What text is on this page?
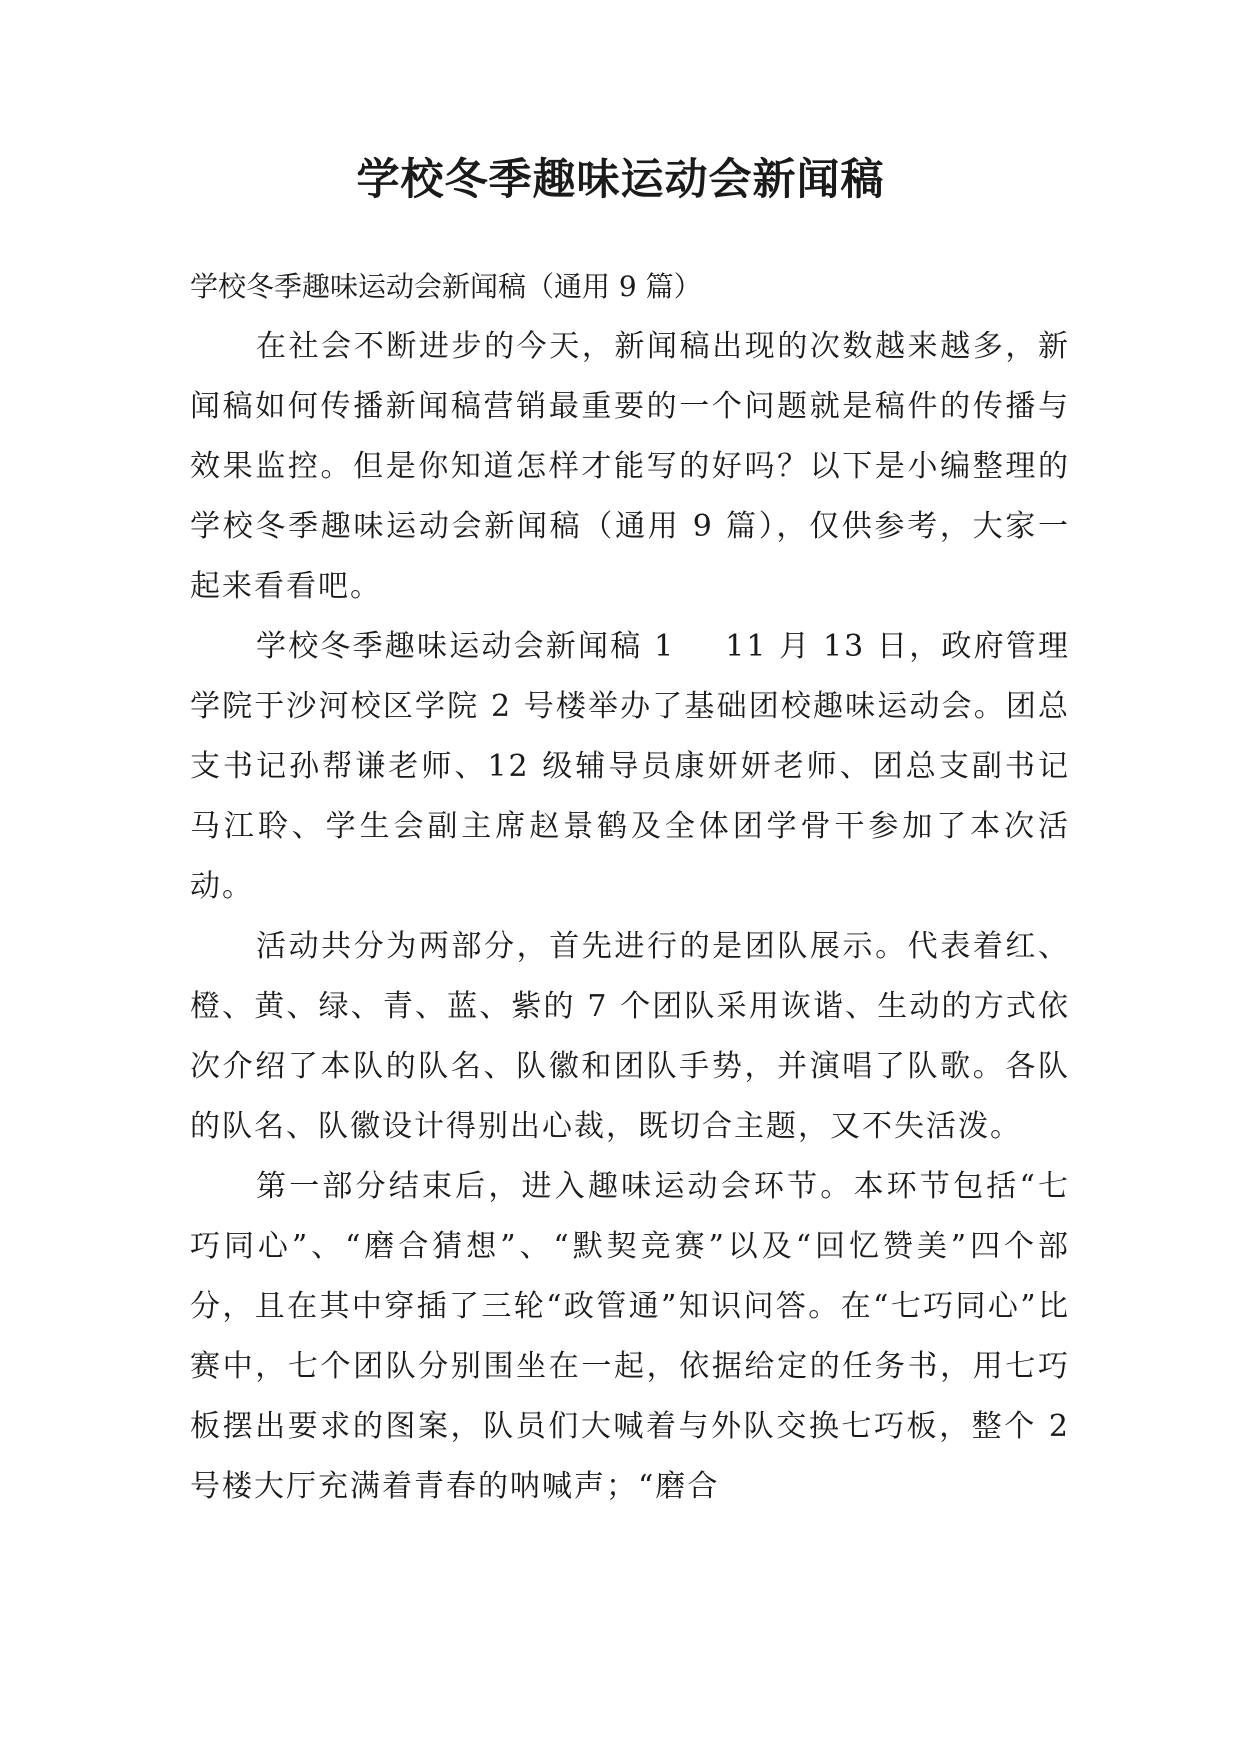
学校冬季趣味运动会新闻稿

学校冬季趣味运动会新闻稿（通用 9 篇）

在社会不断进步的今天，新闻稿出现的次数越来越多，新闻稿如何传播新闻稿营销最重要的一个问题就是稿件的传播与效果监控。但是你知道怎样才能写的好吗？以下是小编整理的学校冬季趣味运动会新闻稿（通用 9 篇），仅供参考，大家一起来看看吧。

学校冬季趣味运动会新闻稿 1 11 月 13 日，政府管理学院于沙河校区学院 2 号楼举办了基础团校趣味运动会。团总支书记孙帮谦老师、12 级辅导员康妍妍老师、团总支副书记马江聆、学生会副主席赵景鹤及全体团学骨干参加了本次活动。

活动共分为两部分，首先进行的是团队展示。代表着红、橙、黄、绿、青、蓝、紫的 7 个团队采用诙谐、生动的方式依次介绍了本队的队名、队徽和团队手势，并演唱了队歌。各队的队名、队徽设计得别出心裁，既切合主题，又不失活泼。

第一部分结束后，进入趣味运动会环节。本环节包括“七巧同心”、“磨合猜想”、“默契竞赛”以及“回忆赞美”四个部分，且在其中穿插了三轮“政管通”知识问答。在“七巧同心”比赛中，七个团队分别围坐在一起，依据给定的任务书，用七巧板摆出要求的图案，队员们大喊着与外队交换七巧板，整个 2 号楼大厅充满着青春的呐喊声；“磨合
